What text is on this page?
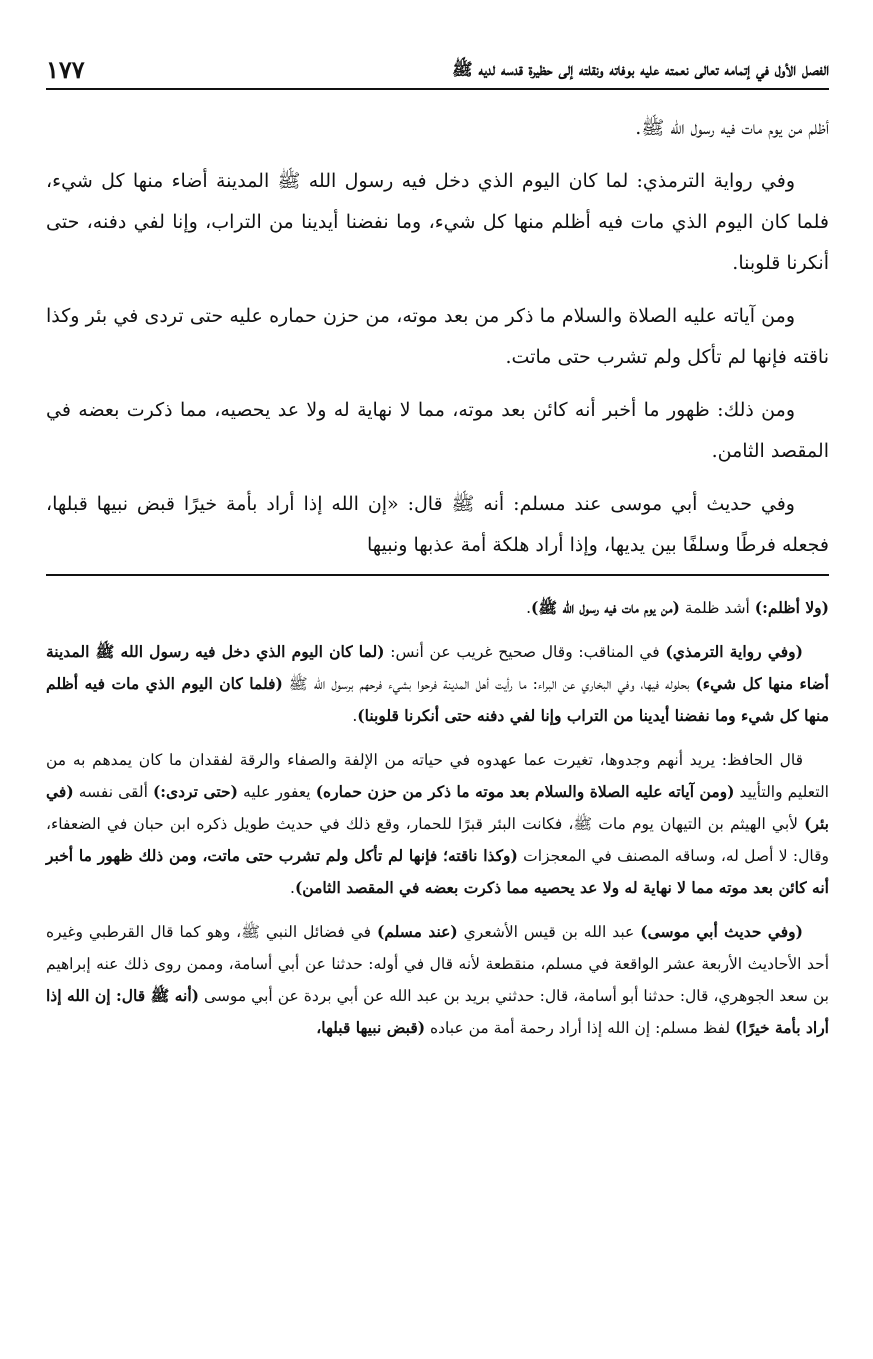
الفصل الأول في إتمامه تعالى نعمته عليه بوفاته ونقلته إلى حظيرة قدسه لديه ﷺ
١٧٧

أظلم من يوم مات فيه رسول الله ﷺ.

وفي رواية الترمذي: لما كان اليوم الذي دخل فيه رسول الله ﷺ المدينة أضاء منها كل شيء، فلما كان اليوم الذي مات فيه أظلم منها كل شيء، وما نفضنا أيدينا من التراب، وإنا لفي دفنه، حتى أنكرنا قلوبنا.

ومن آياته عليه الصلاة والسلام ما ذكر من بعد موته، من حزن حماره عليه حتى تردى في بئر وكذا ناقته فإنها لم تأكل ولم تشرب حتى ماتت.

ومن ذلك: ظهور ما أخبر أنه كائن بعد موته، مما لا نهاية له ولا عد يحصيه، مما ذكرت بعضه في المقصد الثامن.

وفي حديث أبي موسى عند مسلم: أنه ﷺ قال: «إن الله إذا أراد بأمة خيرًا قبض نبيها قبلها، فجعله فرطًا وسلفًا بين يديها، وإذا أراد هلكة أمة عذبها ونبيها

(ولا أظلم:) أشد ظلمة (من يوم مات فيه رسول الله ﷺ).

(وفي رواية الترمذي) في المناقب: وقال صحيح غريب عن أنس: (لما كان اليوم الذي دخل فيه رسول الله ﷺ المدينة أضاء منها كل شيء) بحلوله فيها، وفي البخاري عن البراء: ما رأيت أهل المدينة فرحوا بشيء فرحهم برسول الله ﷺ (فلما كان اليوم الذي مات فيه أظلم منها كل شيء وما نفضنا أيدينا من التراب وإنا لفي دفنه حتى أنكرنا قلوبنا).

قال الحافظ: يريد أنهم وجدوها، تغيرت عما عهدوه في حياته من الإلفة والصفاء والرقة لفقدان ما كان يمدهم به من التعليم والتأييد (ومن آياته عليه الصلاة والسلام بعد موته ما ذكر من حزن حماره) يعفور عليه (حتى تردى:) ألقى نفسه (في بئر) لأبي الهيثم بن التيهان يوم مات ﷺ، فكانت البئر قبرًا للحمار، وقع ذلك في حديث طويل ذكره ابن حبان في الضعفاء، وقال: لا أصل له، وساقه المصنف في المعجزات (وكذا ناقته؛ فإنها لم تأكل ولم تشرب حتى ماتت، ومن ذلك ظهور ما أخبر أنه كائن بعد موته مما لا نهاية له ولا عد يحصيه مما ذكرت بعضه في المقصد الثامن).

(وفي حديث أبي موسى) عبد الله بن قيس الأشعري (عند مسلم) في فضائل النبي ﷺ، وهو كما قال القرطبي وغيره أحد الأحاديث الأربعة عشر الواقعة في مسلم، منقطعة لأنه قال في أوله: حدثنا عن أبي أسامة، وممن روى ذلك عنه إبراهيم بن سعد الجوهري، قال: حدثنا أبو أسامة، قال: حدثني بريد بن عبد الله عن أبي بردة عن أبي موسى (أنه ﷺ قال: إن الله إذا أراد بأمة خيرًا) لفظ مسلم: إن الله إذا أراد رحمة أمة من عباده (قبض نبيها قبلها،
